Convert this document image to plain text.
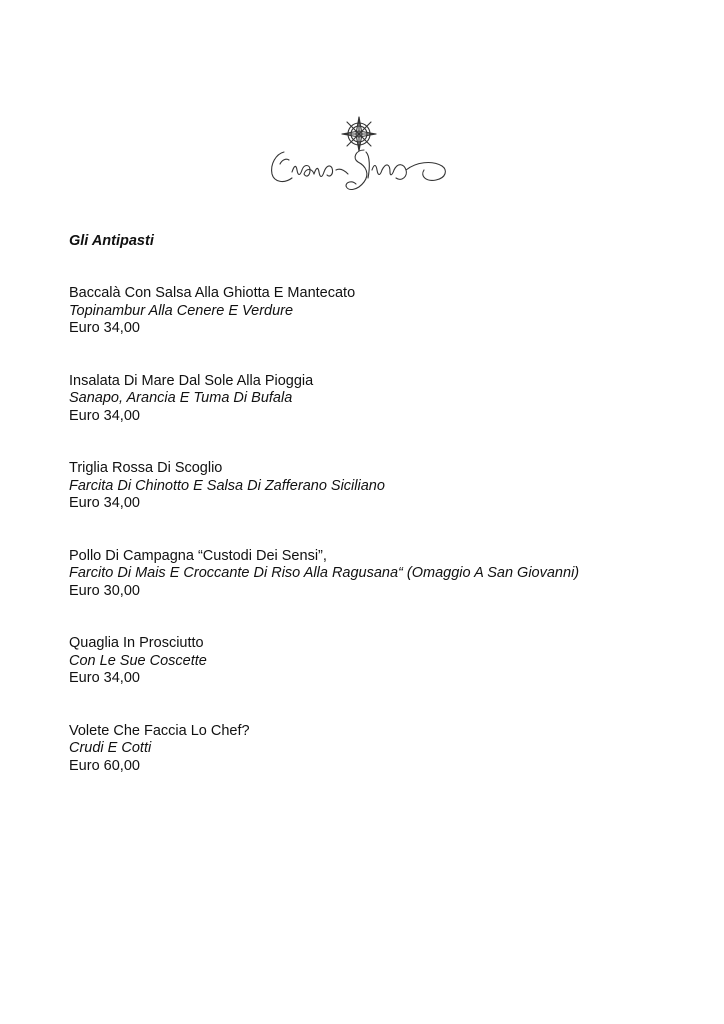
Gli Antipasti
Baccalà Con Salsa Alla Ghiotta E Mantecato
Topinambur Alla Cenere E Verdure
Euro 34,00
Insalata Di Mare Dal Sole Alla Pioggia
Sanapo, Arancia E Tuma Di Bufala
Euro 34,00
Triglia Rossa Di Scoglio
Farcita Di Chinotto E Salsa Di Zafferano Siciliano
Euro 34,00
Pollo Di Campagna “Custodi Dei Sensi”,
Farcito Di Mais E Croccante Di Riso Alla Ragusana“ (Omaggio A San Giovanni)
Euro 30,00
Quaglia In Prosciutto
Con Le Sue Coscette
Euro 34,00
Volete Che Faccia Lo Chef?
Crudi E Cotti
Euro 60,00
